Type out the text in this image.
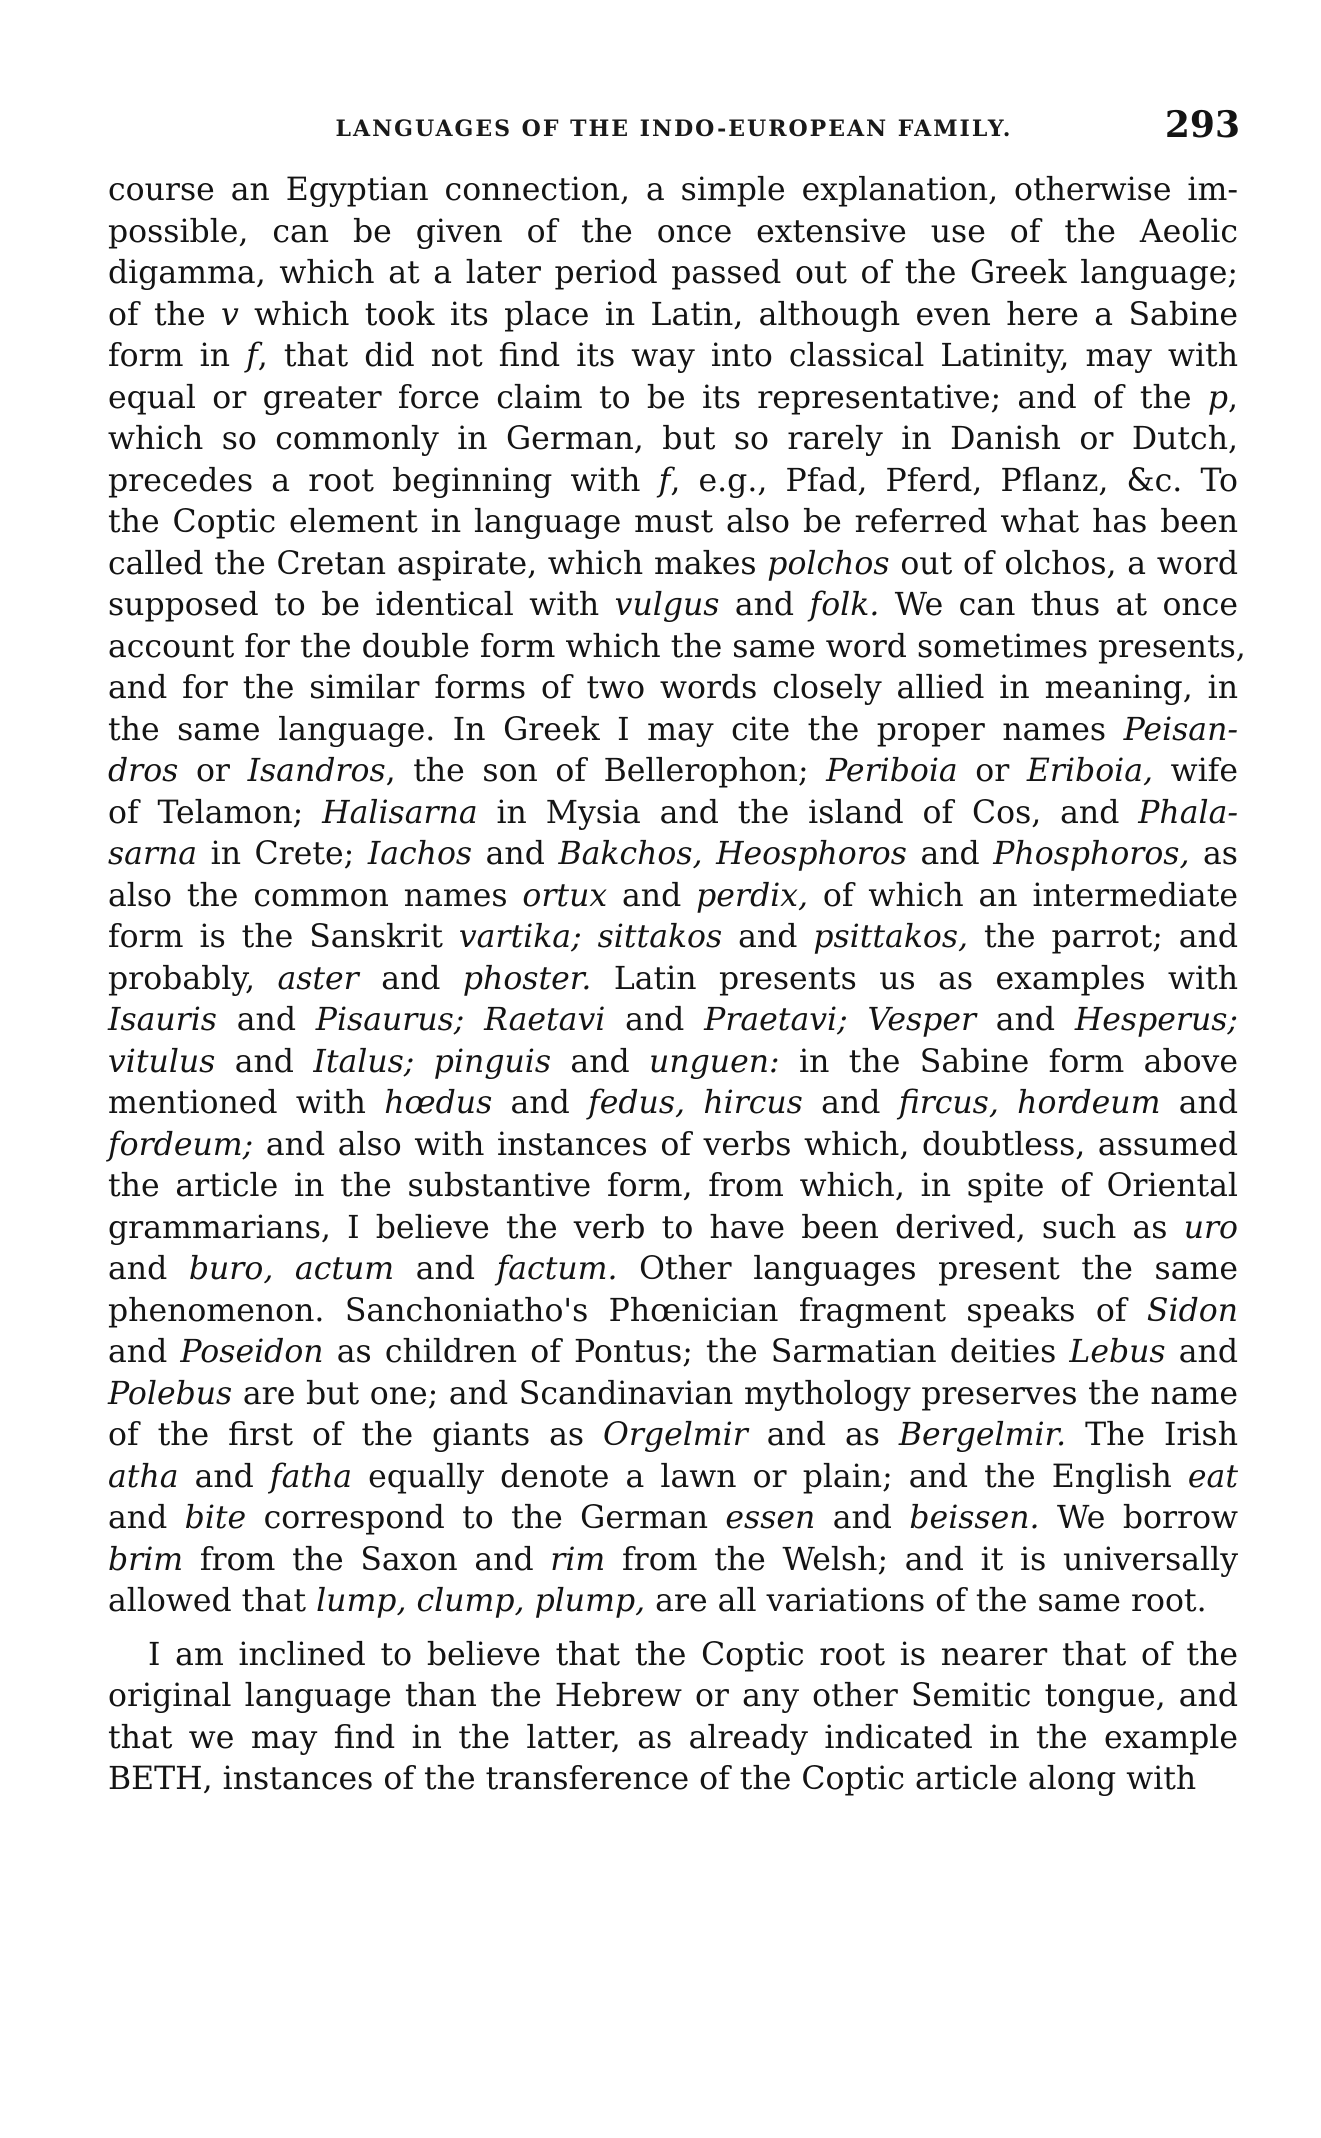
LANGUAGES OF THE INDO-EUROPEAN FAMILY.	293
course an Egyptian connection, a simple explanation, otherwise im-
possible, can be given of the once extensive use of the Aeolic
digamma, which at a later period passed out of the Greek language;
of the v which took its place in Latin, although even here a Sabine
form in f, that did not find its way into classical Latinity, may with
equal or greater force claim to be its representative; and of the p,
which so commonly in German, but so rarely in Danish or Dutch,
precedes a root beginning with f, e.g., Pfad, Pferd, Pflanz, &c. To
the Coptic element in language must also be referred what has been
called the Cretan aspirate, which makes polchos out of olchos, a word
supposed to be identical with vulgus and folk. We can thus at once
account for the double form which the same word sometimes presents,
and for the similar forms of two words closely allied in meaning, in
the same language. In Greek I may cite the proper names Peisan-
dros or Isandros, the son of Bellerophon; Periboia or Eriboia, wife
of Telamon; Halisarna in Mysia and the island of Cos, and Phala-
sarna in Crete; Iachos and Bakchos, Heosphoros and Phosphoros, as
also the common names ortux and perdix, of which an intermediate
form is the Sanskrit vartika; sittakos and psittakos, the parrot; and
probably, aster and phoster. Latin presents us as examples with
Isauris and Pisaurus; Raetavi and Praetavi; Vesper and Hesperus;
vitulus and Italus; pinguis and unguen: in the Sabine form above
mentioned with hœdus and fedus, hircus and fircus, hordeum and
fordeum; and also with instances of verbs which, doubtless, assumed
the article in the substantive form, from which, in spite of Oriental
grammarians, I believe the verb to have been derived, such as uro
and buro, actum and factum. Other languages present the same
phenomenon. Sanchoniatho's Phœnician fragment speaks of Sidon
and Poseidon as children of Pontus; the Sarmatian deities Lebus and
Polebus are but one; and Scandinavian mythology preserves the name
of the first of the giants as Orgelmir and as Bergelmir. The Irish
atha and fatha equally denote a lawn or plain; and the English eat
and bite correspond to the German essen and beissen. We borrow
brim from the Saxon and rim from the Welsh; and it is universally
allowed that lump, clump, plump, are all variations of the same root.
I am inclined to believe that the Coptic root is nearer that of the
original language than the Hebrew or any other Semitic tongue, and
that we may find in the latter, as already indicated in the example
BETH, instances of the transference of the Coptic article along with
